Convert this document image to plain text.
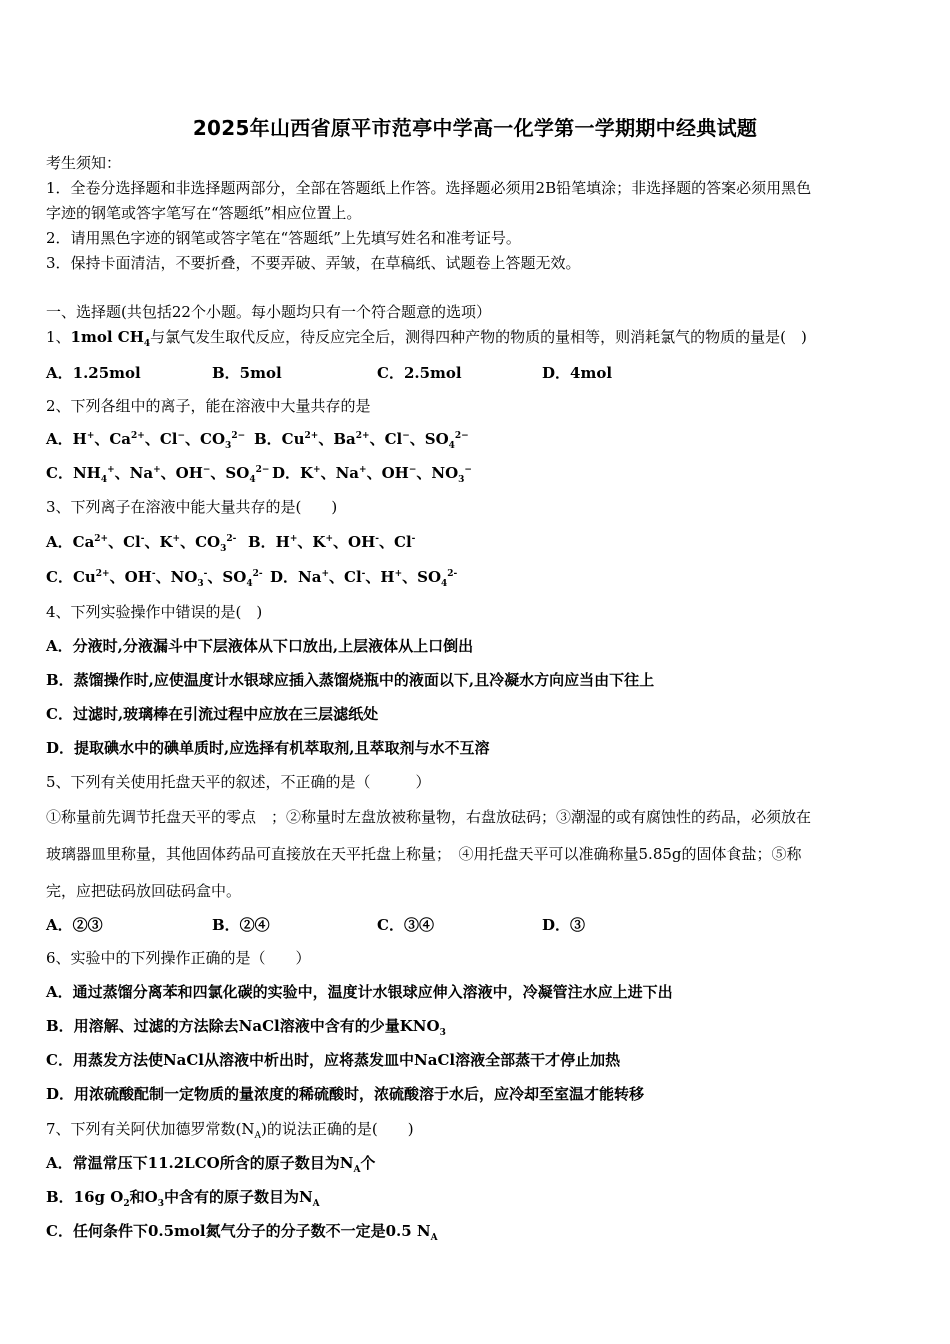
2025年山西省原平市范亭中学高一化学第一学期期中经典试题
考生须知：
1．全卷分选择题和非选择题两部分，全部在答题纸上作答。选择题必须用2B铅笔填涂；非选择题的答案必须用黑色
字迹的钢笔或答字笔写在“答题纸”相应位置上。
2．请用黑色字迹的钢笔或答字笔在“答题纸”上先填写姓名和准考证号。
3．保持卡面清洁，不要折叠，不要弄破、弄皱，在草稿纸、试题卷上答题无效。
一、选择题(共包括22个小题。每小题均只有一个符合题意的选项）
1、1mol $CH_4$与氯气发生取代反应，待反应完全后，测得四种产物的物质的量相等，则消耗氯气的物质的量是(　)
A．1.25mol	B．5mol	C．2.5mol	D．4mol
2、下列各组中的离子，能在溶液中大量共存的是
A．H+、$Ca^{2+}$、Cl−、$CO_3^{2-}$ B．$Cu^{2+}$、$Ba^{2+}$、Cl−、$SO_4^{2-}$
C．$NH_4^+$、Na+、OH−、$SO_4^{2-}$ D．K+、Na+、OH−、$NO_3^-$
3、下列离子在溶液中能大量共存的是(　　)
A．$Ca^{2+}$、Cl-、K+、$CO_3^{2-}$ B．H+、K+、OH-、Cl-
C．$Cu^{2+}$、OH-、$NO_3^-$、$SO_4^{2-}$ D．Na+、Cl-、H+、$SO_4^{2-}$
4、下列实验操作中错误的是(　)
A．分液时,分液漏斗中下层液体从下口放出,上层液体从上口倒出
B．蒸馏操作时,应使温度计水银球应插入蒸馏烧瓶中的液面以下,且冷凝水方向应当由下往上
C．过滤时,玻璃棒在引流过程中应放在三层滤纸处
D．提取碘水中的碘单质时,应选择有机萃取剂,且萃取剂与水不互溶
5、下列有关使用托盘天平的叙述，不正确的是（　　　）
①称量前先调节托盘天平的零点　；②称量时左盘放被称量物，右盘放砝码；③潮湿的或有腐蚀性的药品，必须放在
玻璃器皿里称量，其他固体药品可直接放在天平托盘上称量；　④用托盘天平可以准确称量5.85g的固体食盐；⑤称
完，应把砝码放回砝码盒中。
A．②③	B．②④	C．③④	D．③
6、实验中的下列操作正确的是（　　）
A．通过蒸馏分离苯和四氯化碳的实验中，温度计水银球应伸入溶液中，冷凝管注水应上进下出
B．用溶解、过滤的方法除去NaCl溶液中含有的少量$KNO_3$
C．用蒸发方法使NaCl从溶液中析出时，应将蒸发皿中NaCl溶液全部蒸干才停止加热
D．用浓硫酸配制一定物质的量浓度的稀硫酸时，浓硫酸溶于水后，应冷却至室温才能转移
7、下列有关阿伏加德罗常数$(N_A)$的说法正确的是(　　)
A．常温常压下11.2LCO所含的原子数目为$N_A$个
B．16g $O_2$和$O_3$中含有的原子数目为$N_A$
C．任何条件下0.5mol氮气分子的分子数不一定是0.5 $N_A$
